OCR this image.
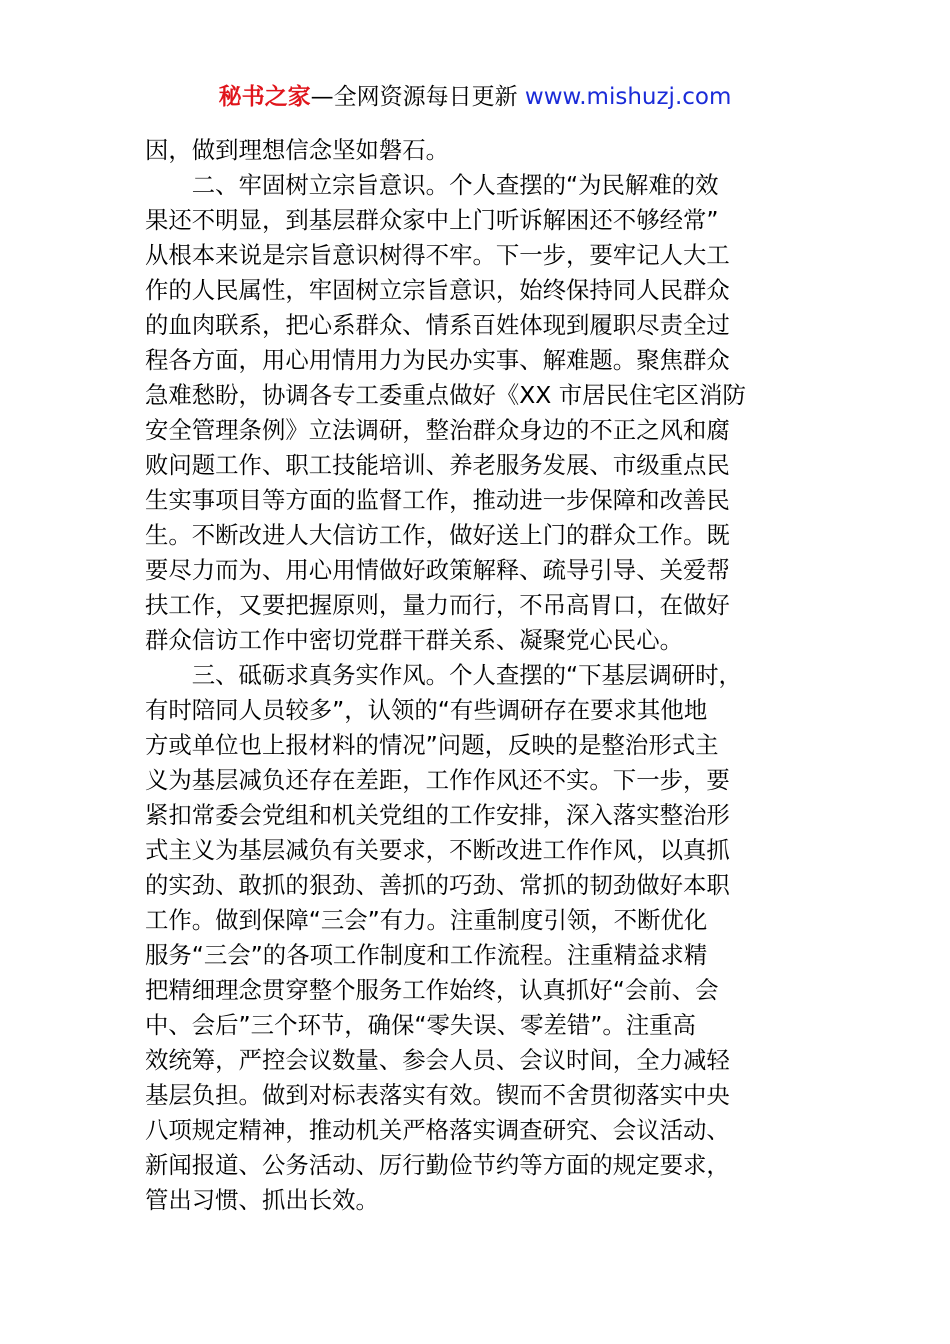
秘书之家—全网资源每日更新 www.mishuzj.com
因，做到理想信念坚如磐石。
　　二、牢固树立宗旨意识。个人查摆的“为民解难的效
果还不明显，到基层群众家中上门听诉解困还不够经常”
从根本来说是宗旨意识树得不牢。下一步，要牢记人大工
作的人民属性，牢固树立宗旨意识，始终保持同人民群众
的血肉联系，把心系群众、情系百姓体现到履职尽责全过
程各方面，用心用情用力为民办实事、解难题。聚焦群众
急难愁盼，协调各专工委重点做好《XX 市居民住宅区消防
安全管理条例》立法调研，整治群众身边的不正之风和腐
败问题工作、职工技能培训、养老服务发展、市级重点民
生实事项目等方面的监督工作，推动进一步保障和改善民
生。不断改进人大信访工作，做好送上门的群众工作。既
要尽力而为、用心用情做好政策解释、疏导引导、关爱帮
扶工作，又要把握原则，量力而行，不吊高胃口，在做好
群众信访工作中密切党群干群关系、凝聚党心民心。
　　三、砥砺求真务实作风。个人查摆的“下基层调研时，
有时陪同人员较多”，认领的“有些调研存在要求其他地
方或单位也上报材料的情况”问题，反映的是整治形式主
义为基层减负还存在差距，工作作风还不实。下一步，要
紧扣常委会党组和机关党组的工作安排，深入落实整治形
式主义为基层减负有关要求，不断改进工作作风，以真抓
的实劲、敢抓的狠劲、善抓的巧劲、常抓的韧劲做好本职
工作。做到保障“三会”有力。注重制度引领，不断优化
服务“三会”的各项工作制度和工作流程。注重精益求精
把精细理念贯穿整个服务工作始终，认真抓好“会前、会
中、会后”三个环节，确保“零失误、零差错”。注重高
效统筹，严控会议数量、参会人员、会议时间，全力减轻
基层负担。做到对标表落实有效。锲而不舍贯彻落实中央
八项规定精神，推动机关严格落实调查研究、会议活动、
新闻报道、公务活动、厉行勤俭节约等方面的规定要求，
管出习惯、抓出长效。
